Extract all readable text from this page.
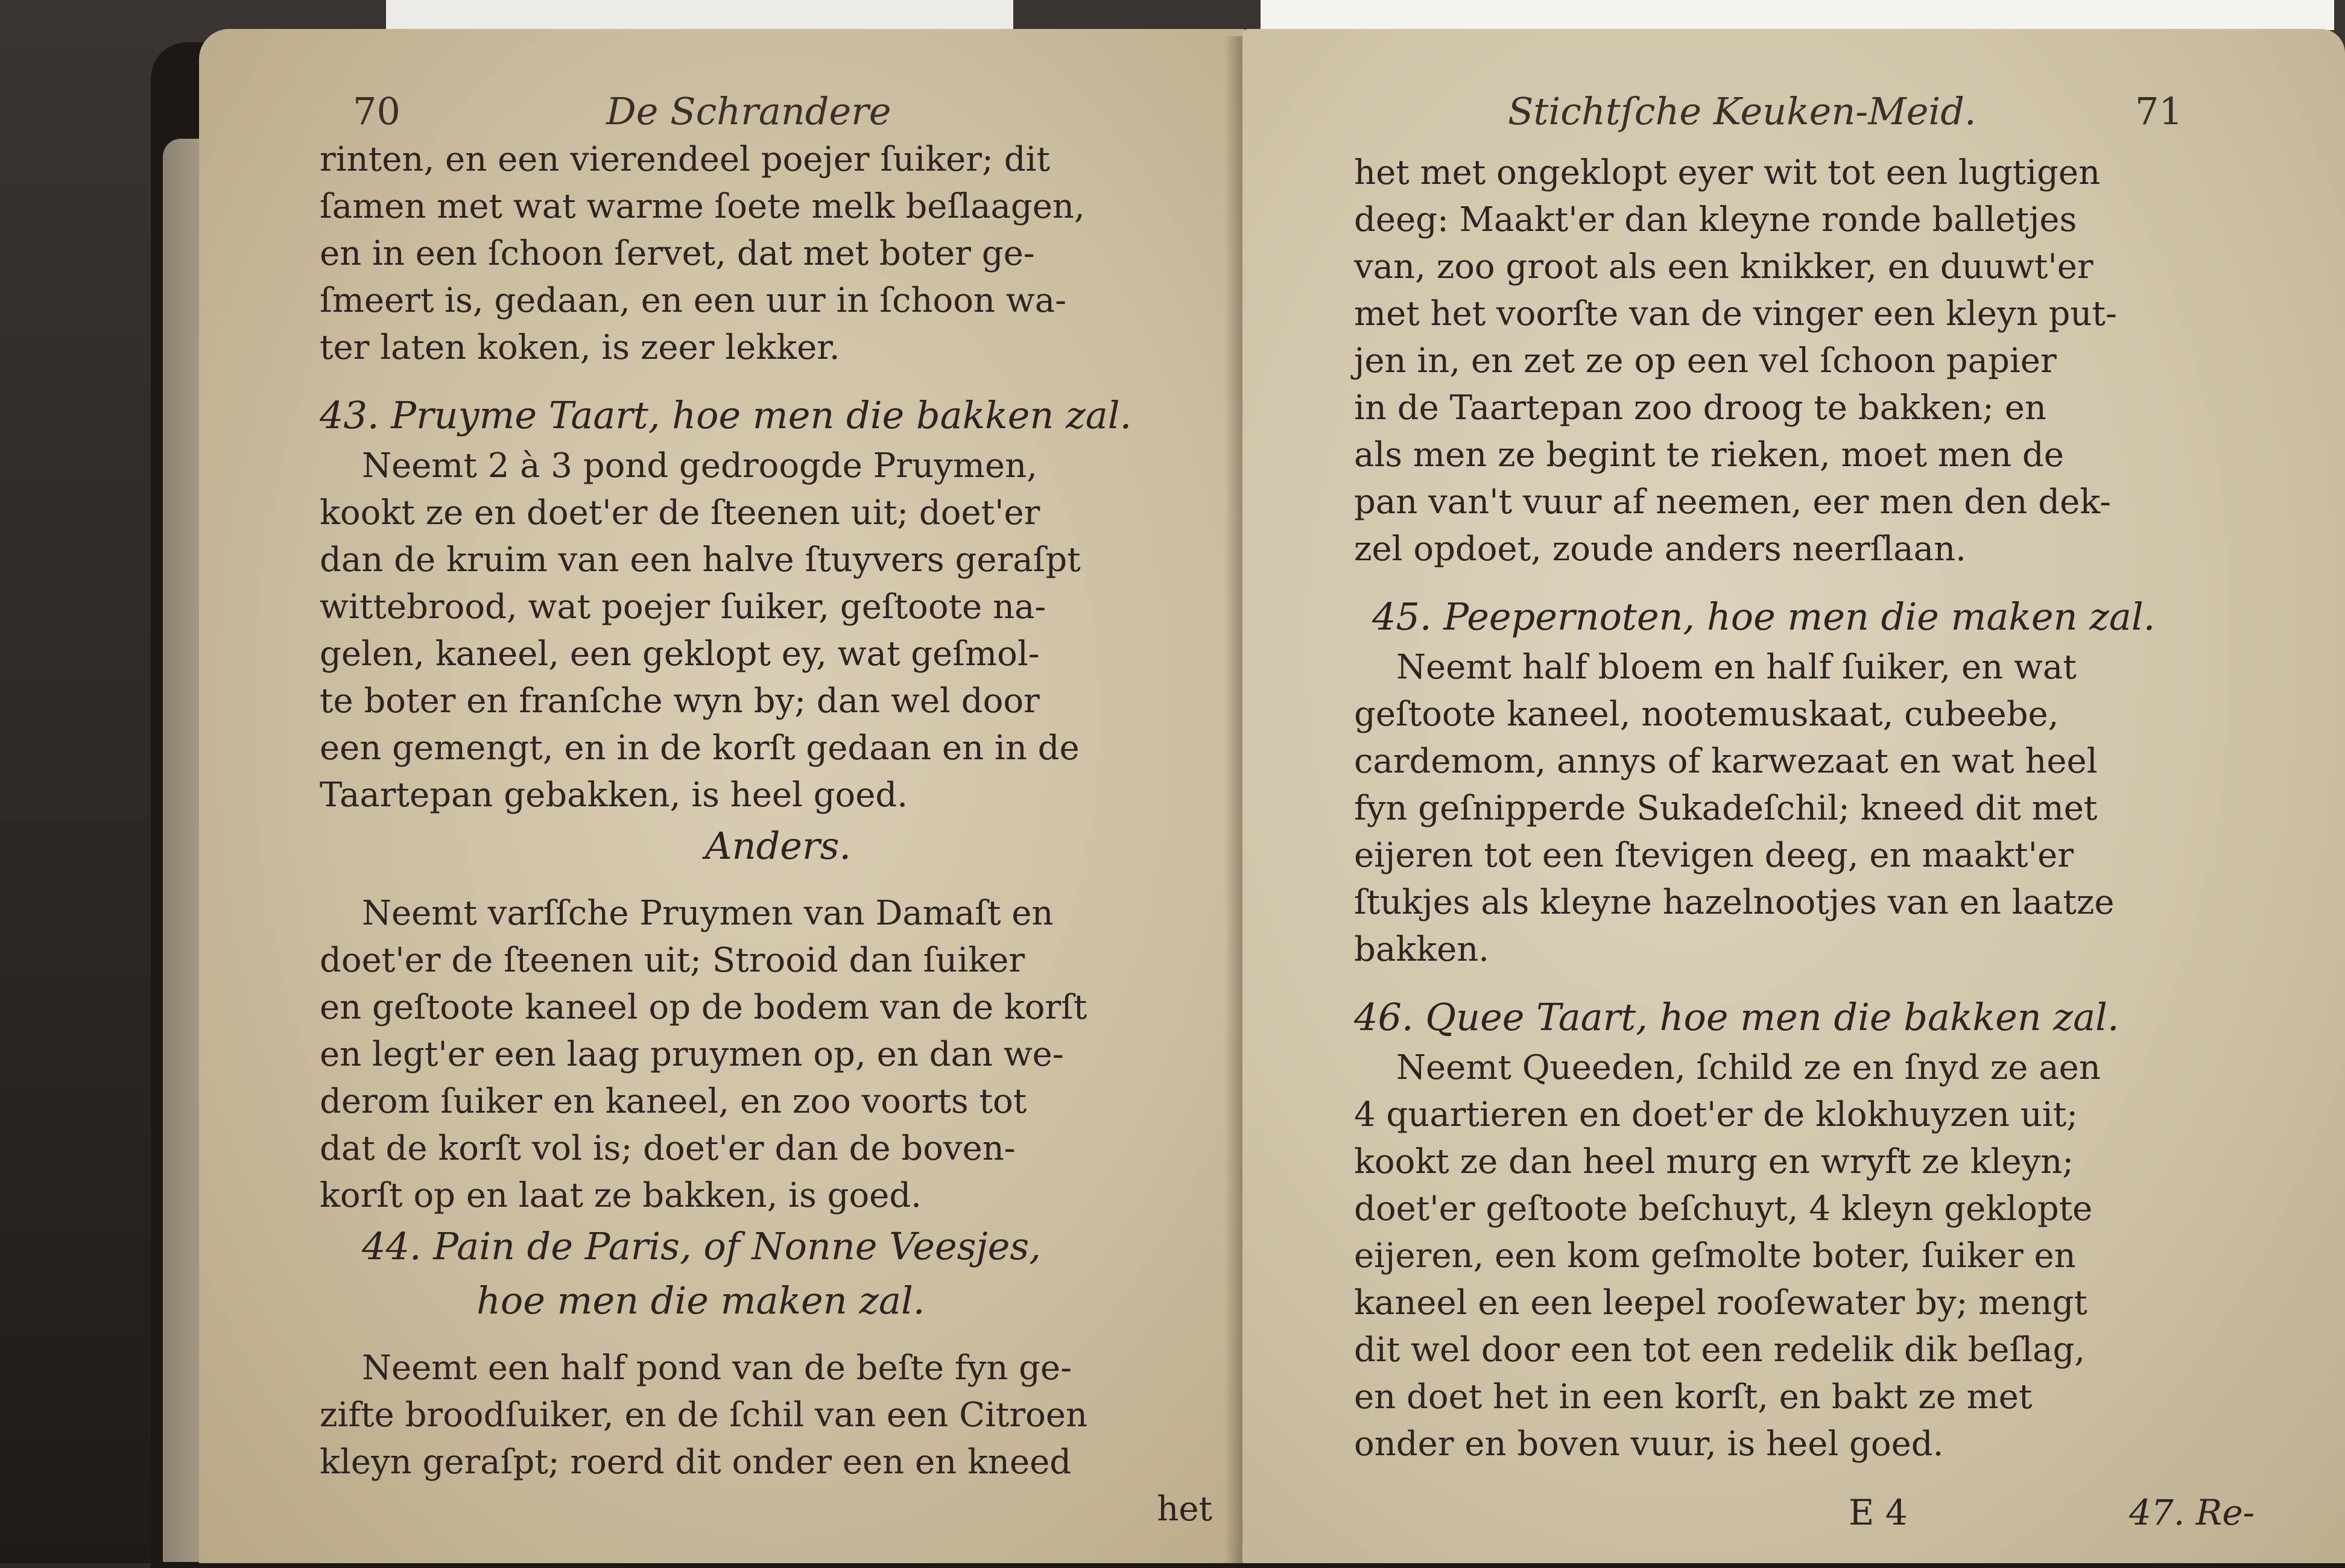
70	De Schrandere
rinten, en een vierendeel poejer ſuiker; dit
ſamen met wat warme ſoete melk beſlaagen,
en in een ſchoon ſervet, dat met boter ge-
ſmeert is, gedaan, en een uur in ſchoon wa-
ter laten koken, is zeer lekker.
43. Pruyme Taart, hoe men die bakken zal.
Neemt 2 à 3 pond gedroogde Pruymen,
kookt ze en doet'er de ſteenen uit; doet'er
dan de kruim van een halve ſtuyvers geraſpt
wittebrood, wat poejer ſuiker, geſtoote na-
gelen, kaneel, een geklopt ey, wat geſmol-
te boter en franſche wyn by; dan wel door
een gemengt, en in de korſt gedaan en in de
Taartepan gebakken, is heel goed.
Anders.
Neemt varſſche Pruymen van Damaſt en
doet'er de ſteenen uit; Strooid dan ſuiker
en geſtoote kaneel op de bodem van de korſt
en legt'er een laag pruymen op, en dan we-
derom ſuiker en kaneel, en zoo voorts tot
dat de korſt vol is; doet'er dan de boven-
korſt op en laat ze bakken, is goed.
44. Pain de Paris, of Nonne Veesjes,
hoe men die maken zal.
Neemt een half pond van de beſte fyn ge-
zifte broodſuiker, en de ſchil van een Citroen
kleyn geraſpt; roerd dit onder een en kneed
het
Stichtſche Keuken-Meid.	71
het met ongeklopt eyer wit tot een lugtigen
deeg: Maakt'er dan kleyne ronde balletjes
van, zoo groot als een knikker, en duuwt'er
met het voorſte van de vinger een kleyn put-
jen in, en zet ze op een vel ſchoon papier
in de Taartepan zoo droog te bakken; en
als men ze begint te rieken, moet men de
pan van't vuur af neemen, eer men den dek-
zel opdoet, zoude anders neerſlaan.
45. Peepernoten, hoe men die maken zal.
Neemt half bloem en half ſuiker, en wat
geſtoote kaneel, nootemuskaat, cubeebe,
cardemom, annys of karwezaat en wat heel
fyn geſnipperde Sukadeſchil; kneed dit met
eijeren tot een ſtevigen deeg, en maakt'er
ſtukjes als kleyne hazelnootjes van en laatze
bakken.
46. Quee Taart, hoe men die bakken zal.
Neemt Queeden, ſchild ze en ſnyd ze aen
4 quartieren en doet'er de klokhuyzen uit;
kookt ze dan heel murg en wryft ze kleyn;
doet'er geſtoote beſchuyt, 4 kleyn geklopte
eijeren, een kom geſmolte boter, ſuiker en
kaneel en een leepel rooſewater by; mengt
dit wel door een tot een redelik dik beſlag,
en doet het in een korſt, en bakt ze met
onder en boven vuur, is heel goed.
E 4	47. Re-
